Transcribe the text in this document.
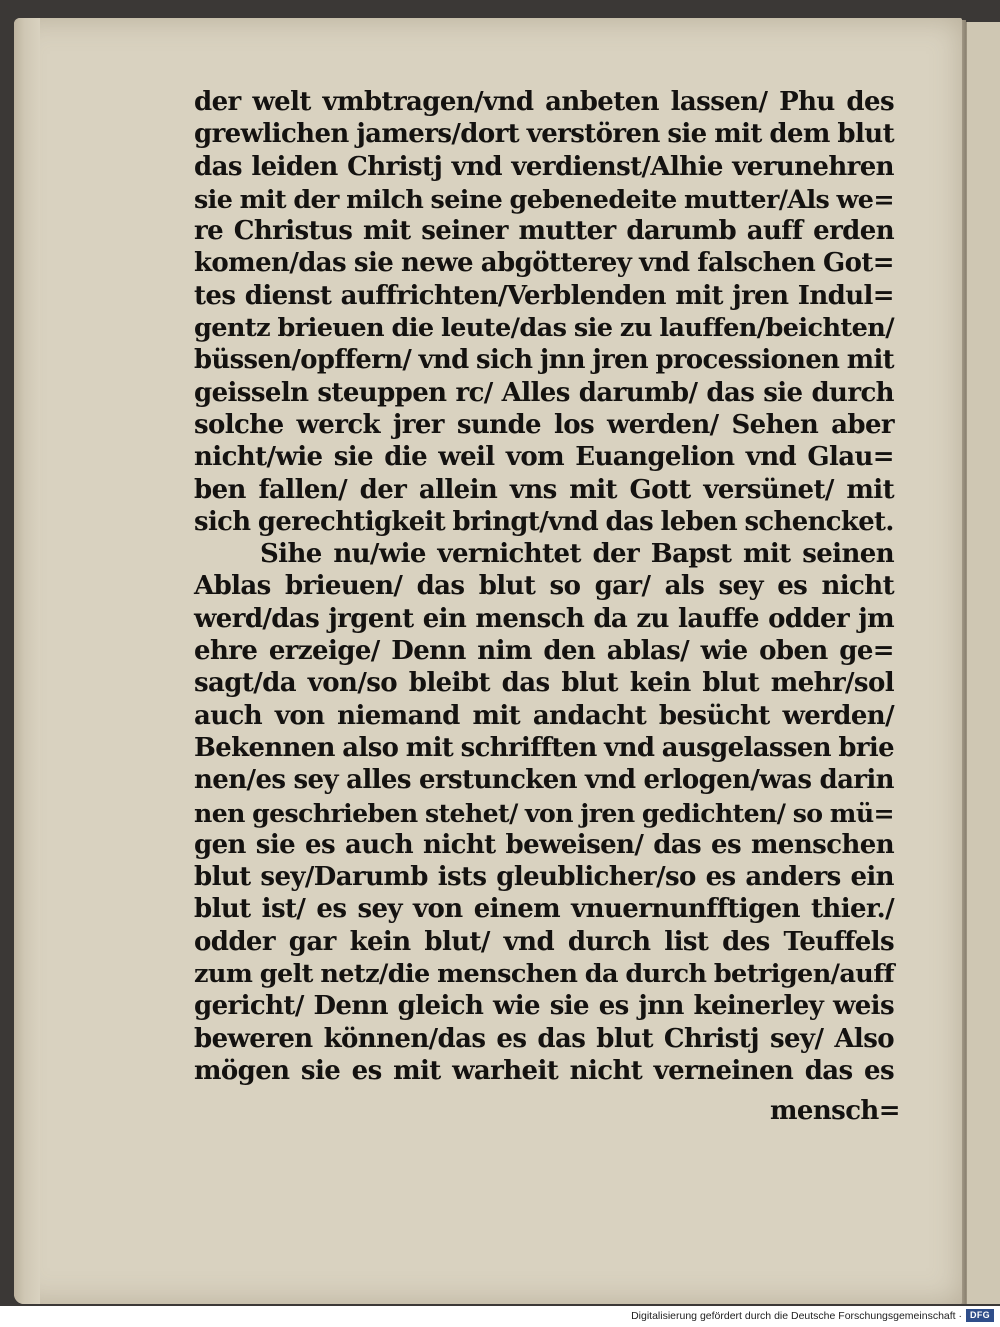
der welt vmbtragen/vnd anbeten lassen/ Phu des
grewlichen jamers/dort verstören sie mit dem blut
das leiden Christj vnd verdienst/Alhie verunehren
sie mit der milch seine gebenedeite mutter/Als we=
re Christus mit seiner mutter darumb auff erden
komen/das sie newe abgötterey vnd falschen Got=
tes dienst auffrichten/Verblenden mit jren Indul=
gentz brieuen die leute/das sie zu lauffen/beichten/
büssen/opffern/ vnd sich jnn jren processionen mit
geisseln steuppen rc/ Alles darumb/ das sie durch
solche werck jrer sunde los werden/ Sehen aber
nicht/wie sie die weil vom Euangelion vnd Glau=
ben fallen/ der allein vns mit Gott versünet/ mit
sich gerechtigkeit bringt/vnd das leben schencket.
Sihe nu/wie vernichtet der Bapst mit seinen
Ablas brieuen/ das blut so gar/ als sey es nicht
werd/das jrgent ein mensch da zu lauffe odder jm
ehre erzeige/ Denn nim den ablas/ wie oben ge=
sagt/da von/so bleibt das blut kein blut mehr/sol
auch von niemand mit andacht besücht werden/
Bekennen also mit schrifften vnd ausgelassen brie
nen/es sey alles erstuncken vnd erlogen/was darin
nen geschrieben stehet/ von jren gedichten/ so mü=
gen sie es auch nicht beweisen/ das es menschen
blut sey/Darumb ists gleublicher/so es anders ein
blut ist/ es sey von einem vnuernunfftigen thier./
odder gar kein blut/ vnd durch list des Teuffels
zum gelt netz/die menschen da durch betrigen/auff
gericht/ Denn gleich wie sie es jnn keinerley weis
beweren können/das es das blut Christj sey/ Also
mögen sie es mit warheit nicht verneinen das es
mensch=
Digitalisierung gefördert durch die Deutsche Forschungsgemeinschaft · DFG
